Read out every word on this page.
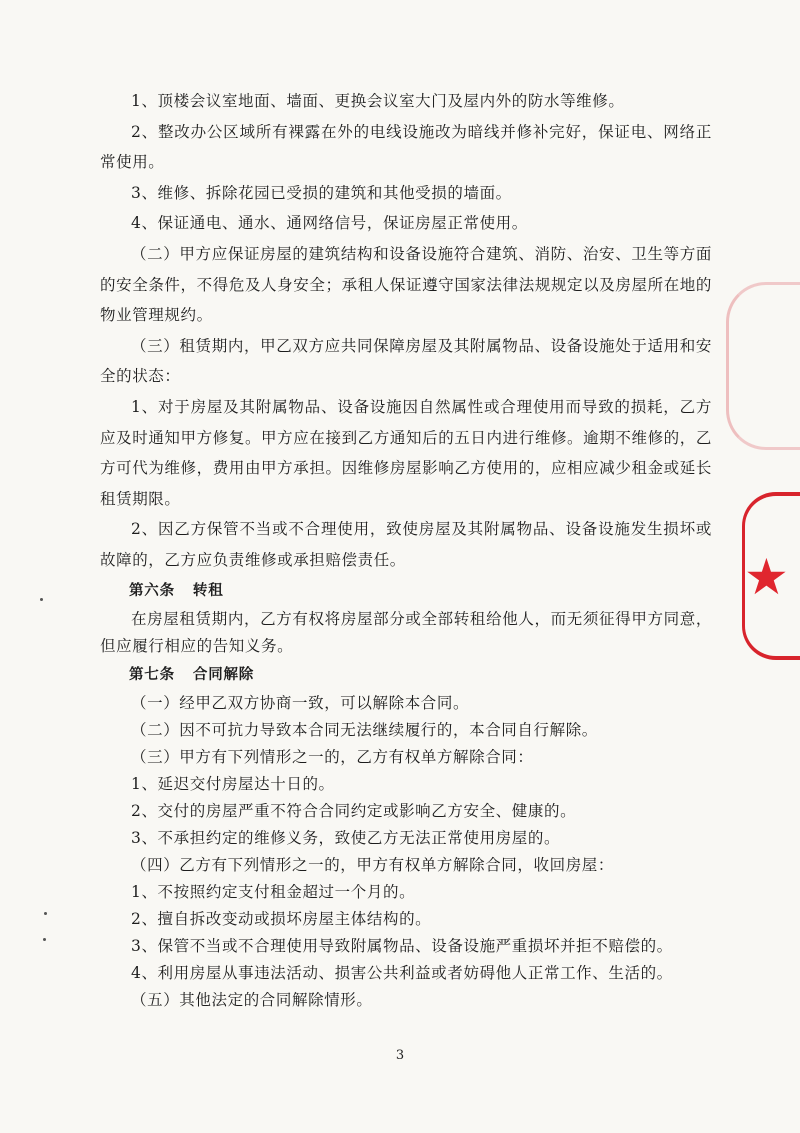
1、顶楼会议室地面、墙面、更换会议室大门及屋内外的防水等维修。

2、整改办公区域所有裸露在外的电线设施改为暗线并修补完好，保证电、网络正常使用。

3、维修、拆除花园已受损的建筑和其他受损的墙面。

4、保证通电、通水、通网络信号，保证房屋正常使用。

（二）甲方应保证房屋的建筑结构和设备设施符合建筑、消防、治安、卫生等方面的安全条件，不得危及人身安全；承租人保证遵守国家法律法规规定以及房屋所在地的物业管理规约。

（三）租赁期内，甲乙双方应共同保障房屋及其附属物品、设备设施处于适用和安全的状态：

1、对于房屋及其附属物品、设备设施因自然属性或合理使用而导致的损耗，乙方应及时通知甲方修复。甲方应在接到乙方通知后的五日内进行维修。逾期不维修的，乙方可代为维修，费用由甲方承担。因维修房屋影响乙方使用的，应相应减少租金或延长租赁期限。

2、因乙方保管不当或不合理使用，致使房屋及其附属物品、设备设施发生损坏或故障的，乙方应负责维修或承担赔偿责任。

第六条 转租

在房屋租赁期内，乙方有权将房屋部分或全部转租给他人，而无须征得甲方同意，但应履行相应的告知义务。

第七条 合同解除

（一）经甲乙双方协商一致，可以解除本合同。

（二）因不可抗力导致本合同无法继续履行的，本合同自行解除。

（三）甲方有下列情形之一的，乙方有权单方解除合同：

1、延迟交付房屋达十日的。

2、交付的房屋严重不符合合同约定或影响乙方安全、健康的。

3、不承担约定的维修义务，致使乙方无法正常使用房屋的。

（四）乙方有下列情形之一的，甲方有权单方解除合同，收回房屋：

1、不按照约定支付租金超过一个月的。

2、擅自拆改变动或损坏房屋主体结构的。

3、保管不当或不合理使用导致附属物品、设备设施严重损坏并拒不赔偿的。

4、利用房屋从事违法活动、损害公共利益或者妨碍他人正常工作、生活的。

（五）其他法定的合同解除情形。

3
★
